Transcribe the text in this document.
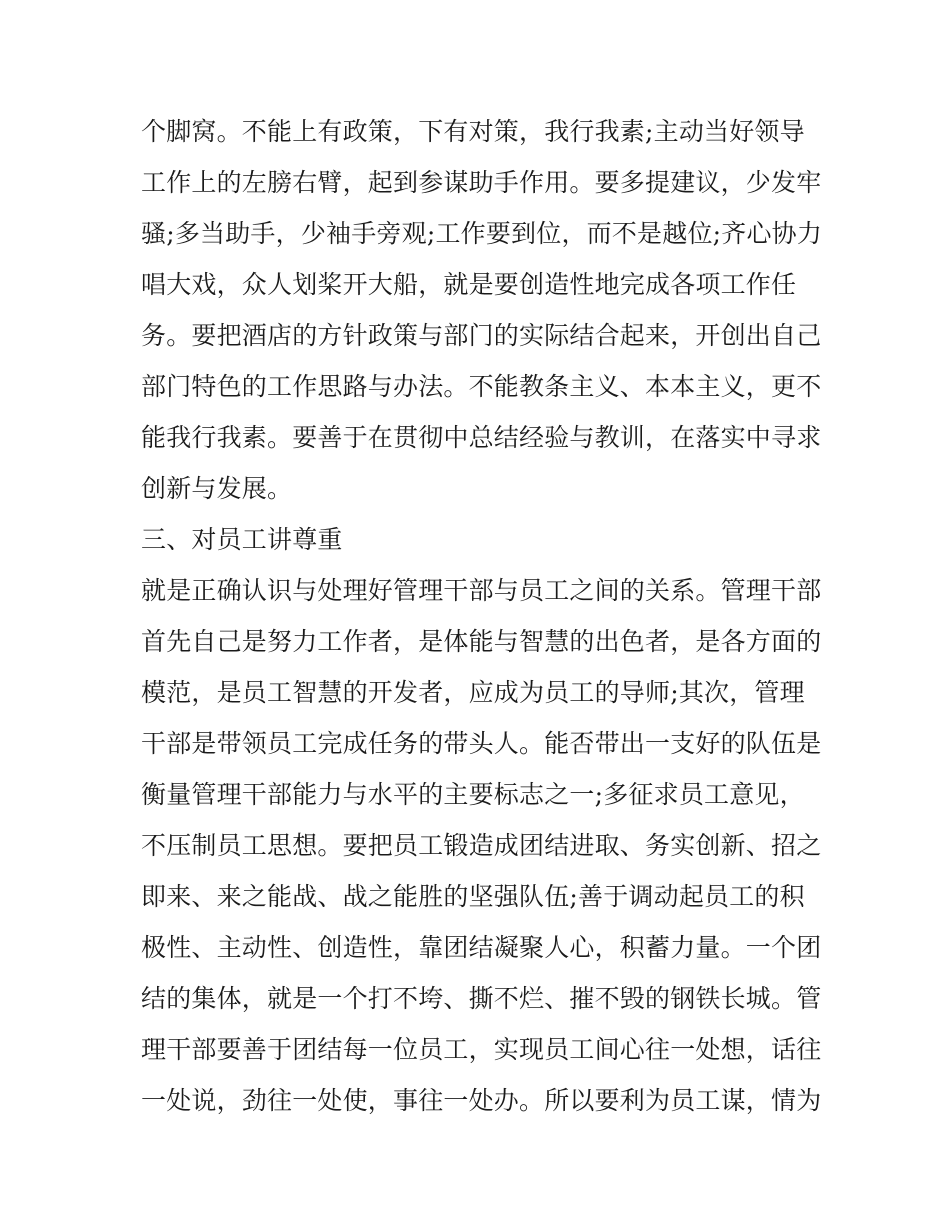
个脚窝。不能上有政策，下有对策，我行我素;主动当好领导
工作上的左膀右臂，起到参谋助手作用。要多提建议，少发牢
骚;多当助手，少袖手旁观;工作要到位，而不是越位;齐心协力
唱大戏，众人划桨开大船，就是要创造性地完成各项工作任
务。要把酒店的方针政策与部门的实际结合起来，开创出自己
部门特色的工作思路与办法。不能教条主义、本本主义，更不
能我行我素。要善于在贯彻中总结经验与教训，在落实中寻求
创新与发展。
三、对员工讲尊重
就是正确认识与处理好管理干部与员工之间的关系。管理干部
首先自己是努力工作者，是体能与智慧的出色者，是各方面的
模范，是员工智慧的开发者，应成为员工的导师;其次，管理
干部是带领员工完成任务的带头人。能否带出一支好的队伍是
衡量管理干部能力与水平的主要标志之一;多征求员工意见，
不压制员工思想。要把员工锻造成团结进取、务实创新、招之
即来、来之能战、战之能胜的坚强队伍;善于调动起员工的积
极性、主动性、创造性，靠团结凝聚人心，积蓄力量。一个团
结的集体，就是一个打不垮、撕不烂、摧不毁的钢铁长城。管
理干部要善于团结每一位员工，实现员工间心往一处想，话往
一处说，劲往一处使，事往一处办。所以要利为员工谋，情为
